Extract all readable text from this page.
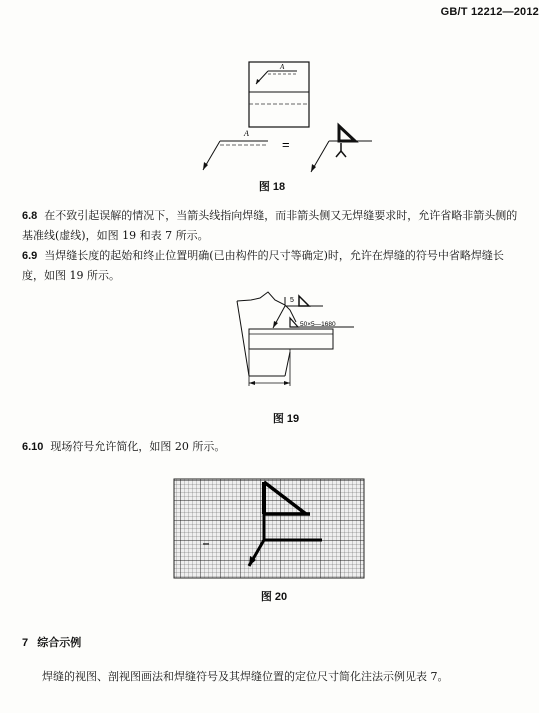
GB/T 12212—2012
A
A
=
图 18
6.8 在不致引起误解的情况下，当箭头线指向焊缝，而非箭头侧又无焊缝要求时，允许省略非箭头侧的
基准线(虚线)，如图 19 和表 7 所示。
6.9 当焊缝长度的起始和终止位置明确(已由构件的尺寸等确定)时，允许在焊缝的符号中省略焊缝长
度，如图 19 所示。
5
50×5—1680
图 19
6.10 现场符号允许简化，如图 20 所示。
图 20
7 综合示例
焊缝的视图、剖视图画法和焊缝符号及其焊缝位置的定位尺寸简化注法示例见表 7。
